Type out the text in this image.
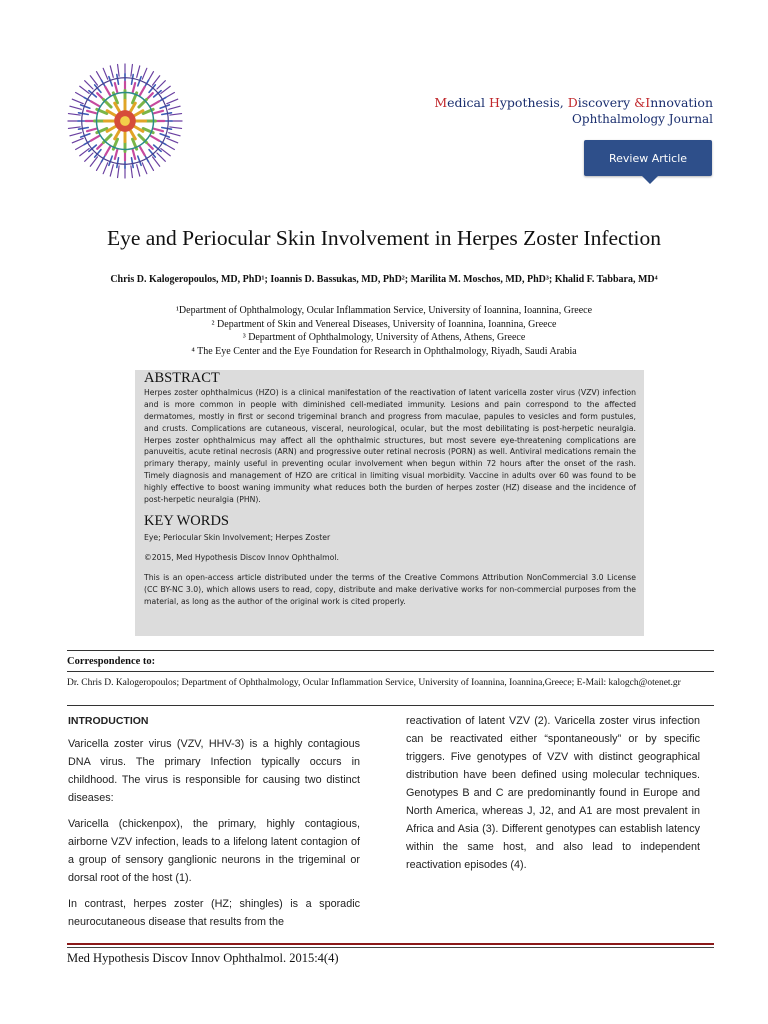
Medical Hypothesis, Discovery &Innovation
Ophthalmology Journal
Review Article
Eye and Periocular Skin Involvement in Herpes Zoster Infection
Chris D. Kalogeropoulos, MD, PhD¹; Ioannis D. Bassukas, MD, PhD²; Marilita M. Moschos, MD, PhD³; Khalid F. Tabbara, MD⁴
¹Department of Ophthalmology, Ocular Inflammation Service, University of Ioannina, Ioannina, Greece
² Department of Skin and Venereal Diseases, University of Ioannina, Ioannina, Greece
³ Department of Ophthalmology, University of Athens, Athens, Greece
⁴ The Eye Center and the Eye Foundation for Research in Ophthalmology, Riyadh, Saudi Arabia
ABSTRACT
Herpes zoster ophthalmicus (HZO) is a clinical manifestation of the reactivation of latent varicella zoster virus (VZV) infection and is more common in people with diminished cell-mediated immunity. Lesions and pain correspond to the affected dermatomes, mostly in first or second trigeminal branch and progress from maculae, papules to vesicles and form pustules, and crusts. Complications are cutaneous, visceral, neurological, ocular, but the most debilitating is post-herpetic neuralgia. Herpes zoster ophthalmicus may affect all the ophthalmic structures, but most severe eye-threatening complications are panuveitis, acute retinal necrosis (ARN) and progressive outer retinal necrosis (PORN) as well. Antiviral medications remain the primary therapy, mainly useful in preventing ocular involvement when begun within 72 hours after the onset of the rash. Timely diagnosis and management of HZO are critical in limiting visual morbidity. Vaccine in adults over 60 was found to be highly effective to boost waning immunity what reduces both the burden of herpes zoster (HZ) disease and the incidence of post-herpetic neuralgia (PHN).
KEY WORDS
Eye; Periocular Skin Involvement; Herpes Zoster
©2015, Med Hypothesis Discov Innov Ophthalmol.
This is an open-access article distributed under the terms of the Creative Commons Attribution NonCommercial 3.0 License (CC BY-NC 3.0), which allows users to read, copy, distribute and make derivative works for non-commercial purposes from the material, as long as the author of the original work is cited properly.
Correspondence to:
Dr. Chris D. Kalogeropoulos; Department of Ophthalmology, Ocular Inflammation Service, University of Ioannina, Ioannina,Greece; E-Mail: kalogch@otenet.gr
INTRODUCTION

Varicella zoster virus (VZV, HHV-3) is a highly contagious DNA virus. The primary Infection typically occurs in childhood. The virus is responsible for causing two distinct diseases:

Varicella (chickenpox), the primary, highly contagious, airborne VZV infection, leads to a lifelong latent contagion of a group of sensory ganglionic neurons in the trigeminal or dorsal root of the host (1).

In contrast, herpes zoster (HZ; shingles) is a sporadic neurocutaneous disease that results from the

reactivation of latent VZV (2). Varicella zoster virus infection can be reactivated either “spontaneously” or by specific triggers. Five genotypes of VZV with distinct geographical distribution have been defined using molecular techniques. Genotypes B and C are predominantly found in Europe and North America, whereas J, J2, and A1 are most prevalent in Africa and Asia (3). Different genotypes can establish latency within the same host, and also lead to independent reactivation episodes (4).

Med Hypothesis Discov Innov Ophthalmol. 2015:4(4)
